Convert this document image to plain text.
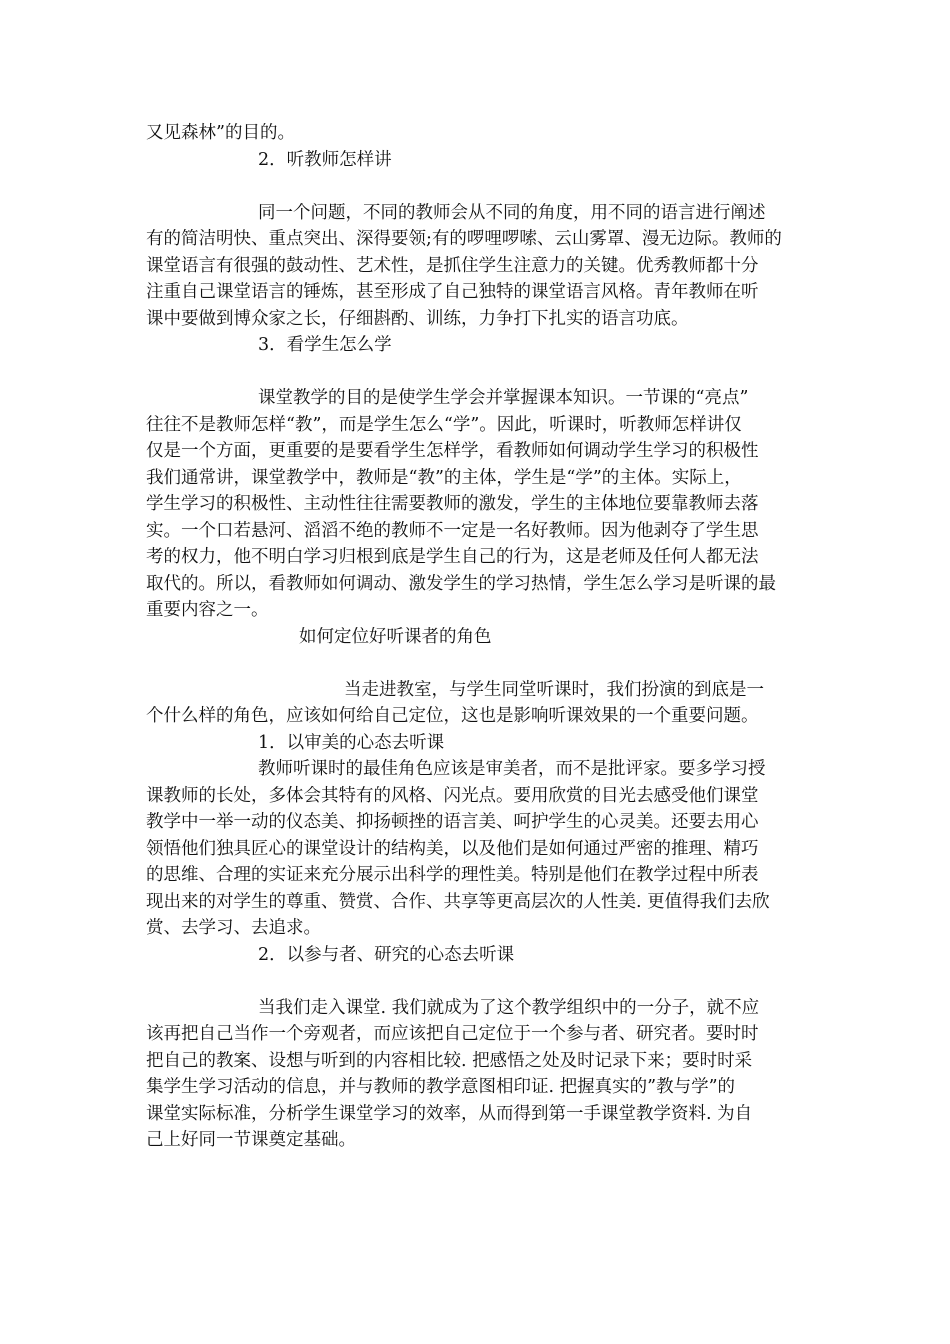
又见森林”的目的。
2．听教师怎样讲
同一个问题，不同的教师会从不同的角度，用不同的语言进行阐述
有的简洁明快、重点突出、深得要领;有的啰哩啰嗦、云山雾罩、漫无边际。教师的
课堂语言有很强的鼓动性、艺术性，是抓住学生注意力的关键。优秀教师都十分
注重自己课堂语言的锤炼，甚至形成了自己独特的课堂语言风格。青年教师在听
课中要做到博众家之长，仔细斟酌、训练，力争打下扎实的语言功底。
3．看学生怎么学
课堂教学的目的是使学生学会并掌握课本知识。一节课的“亮点”
往往不是教师怎样“教”，而是学生怎么“学”。因此，听课时，听教师怎样讲仅
仅是一个方面，更重要的是要看学生怎样学，看教师如何调动学生学习的积极性
我们通常讲，课堂教学中，教师是“教”的主体，学生是“学”的主体。实际上，
学生学习的积极性、主动性往往需要教师的激发，学生的主体地位要靠教师去落
实。一个口若悬河、滔滔不绝的教师不一定是一名好教师。因为他剥夺了学生思
考的权力，他不明白学习归根到底是学生自己的行为，这是老师及任何人都无法
取代的。所以，看教师如何调动、激发学生的学习热情，学生怎么学习是听课的最
重要内容之一。
如何定位好听课者的角色
当走进教室，与学生同堂听课时，我们扮演的到底是一
个什么样的角色，应该如何给自己定位，这也是影响听课效果的一个重要问题。
1．以审美的心态去听课
教师听课时的最佳角色应该是审美者，而不是批评家。要多学习授
课教师的长处，多体会其特有的风格、闪光点。要用欣赏的目光去感受他们课堂
教学中一举一动的仪态美、抑扬顿挫的语言美、呵护学生的心灵美。还要去用心
领悟他们独具匠心的课堂设计的结构美，以及他们是如何通过严密的推理、精巧
的思维、合理的实证来充分展示出科学的理性美。特别是他们在教学过程中所表
现出来的对学生的尊重、赞赏、合作、共享等更高层次的人性美. 更值得我们去欣
赏、去学习、去追求。
2．以参与者、研究的心态去听课
当我们走入课堂. 我们就成为了这个教学组织中的一分子，就不应
该再把自己当作一个旁观者，而应该把自己定位于一个参与者、研究者。要时时
把自己的教案、设想与听到的内容相比较. 把感悟之处及时记录下来；要时时采
集学生学习活动的信息，并与教师的教学意图相印证. 把握真实的”教与学”的
课堂实际标准，分析学生课堂学习的效率，从而得到第一手课堂教学资料. 为自
己上好同一节课奠定基础。
